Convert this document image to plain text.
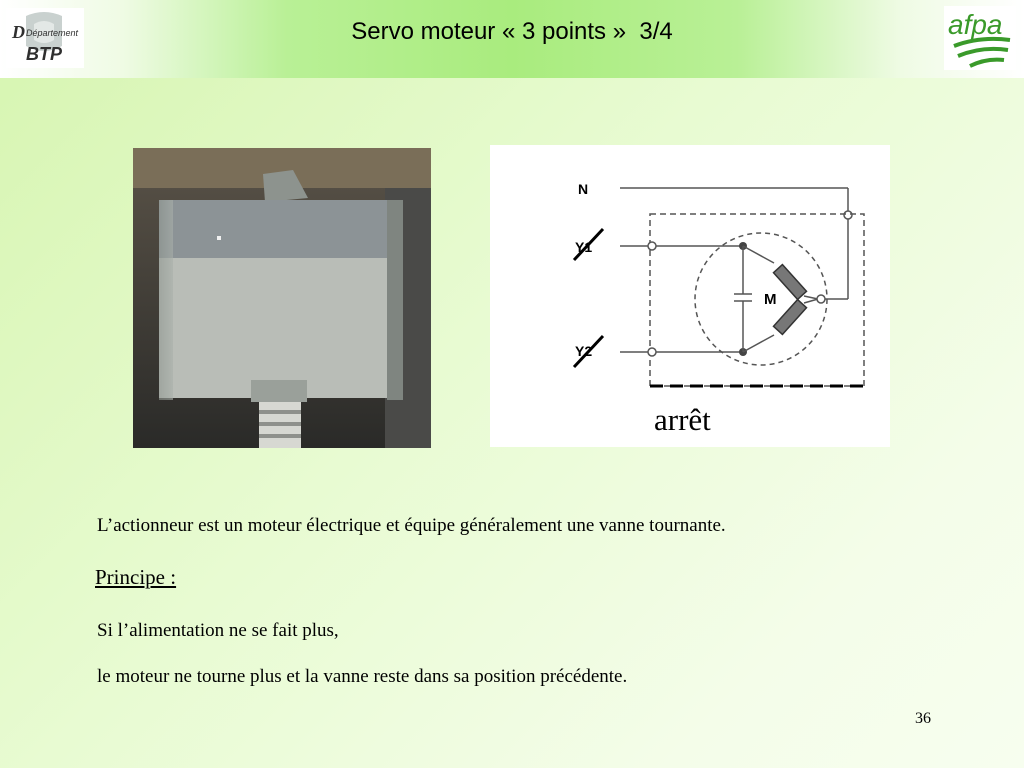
D Département
BTP
Servo moteur « 3 points »  3/4	afpa
N
Y1
Y2
M
arrêt
L’actionneur est un moteur électrique et équipe généralement une vanne tournante.
Principe :
Si l’alimentation ne se fait plus,
le moteur ne tourne plus et la vanne reste dans sa position précédente.
36
